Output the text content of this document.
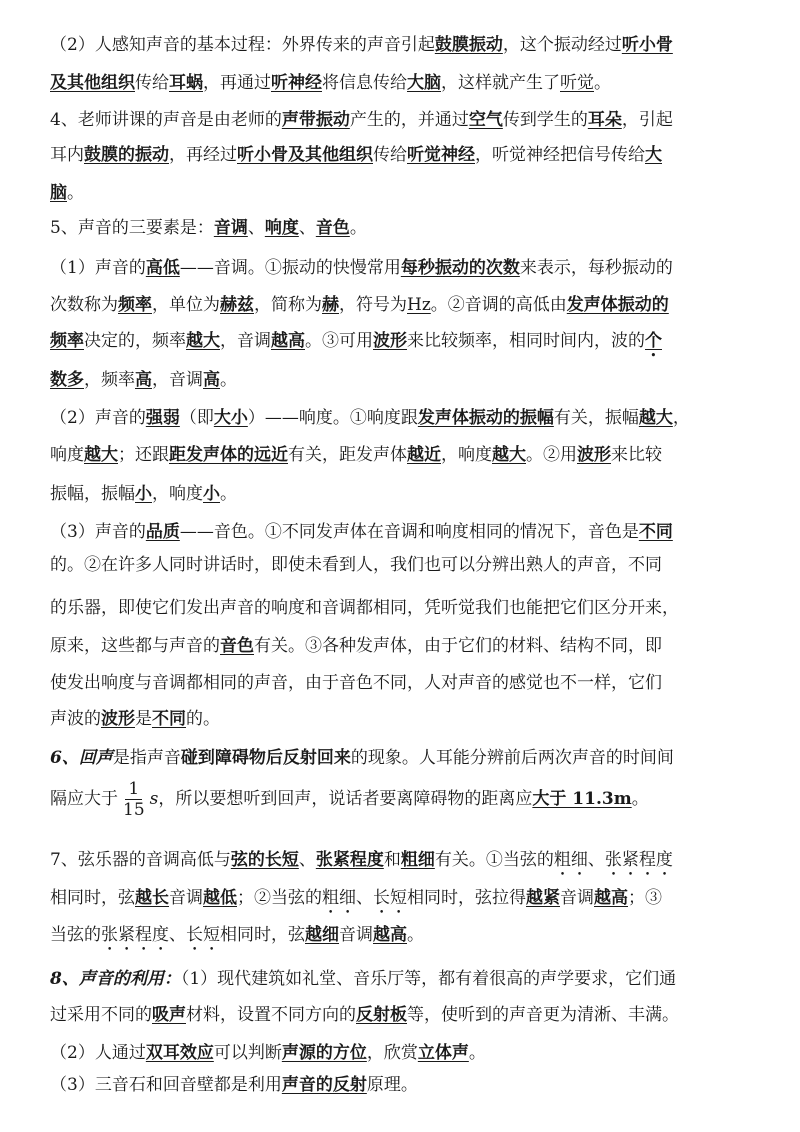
（2）人感知声音的基本过程：外界传来的声音引起鼓膜振动，这个振动经过听小骨
及其他组织传给耳蜗，再通过听神经将信息传给大脑，这样就产生了听觉。
4、老师讲课的声音是由老师的声带振动产生的，并通过空气传到学生的耳朵，引起
耳内鼓膜的振动，再经过听小骨及其他组织传给听觉神经，听觉神经把信号传给大
脑。
5、声音的三要素是：音调、响度、音色。
（1）声音的高低——音调。①振动的快慢常用每秒振动的次数来表示，每秒振动的
次数称为频率，单位为赫兹，简称为赫，符号为Hz。②音调的高低由发声体振动的
频率决定的，频率越大，音调越高。③可用波形来比较频率，相同时间内，波的个
数多，频率高，音调高。
（2）声音的强弱（即大小）——响度。①响度跟发声体振动的振幅有关，振幅越大，
响度越大；还跟距发声体的远近有关，距发声体越近，响度越大。②用波形来比较
振幅，振幅小，响度小。
（3）声音的品质——音色。①不同发声体在音调和响度相同的情况下，音色是不同
的。②在许多人同时讲话时，即使未看到人，我们也可以分辨出熟人的声音，不同
的乐器，即使它们发出声音的响度和音调都相同，凭听觉我们也能把它们区分开来，
原来，这些都与声音的音色有关。③各种发声体，由于它们的材料、结构不同，即
使发出响度与音调都相同的声音，由于音色不同，人对声音的感觉也不一样，它们
声波的波形是不同的。
6、回声是指声音碰到障碍物后反射回来的现象。人耳能分辨前后两次声音的时间间
隔应大于 $\frac{1}{15}$ s，所以要想听到回声，说话者要离障碍物的距离应大于 11.3m。
7、弦乐器的音调高低与弦的长短、张紧程度和粗细有关。①当弦的粗细、张紧程度
相同时，弦越长音调越低；②当弦的粗细、长短相同时，弦拉得越紧音调越高；③
当弦的张紧程度、长短相同时，弦越细音调越高。
8、声音的利用：（1）现代建筑如礼堂、音乐厅等，都有着很高的声学要求，它们通
过采用不同的吸声材料，设置不同方向的反射板等，使听到的声音更为清淅、丰满。
（2）人通过双耳效应可以判断声源的方位，欣赏立体声。
（3）三音石和回音壁都是利用声音的反射原理。
